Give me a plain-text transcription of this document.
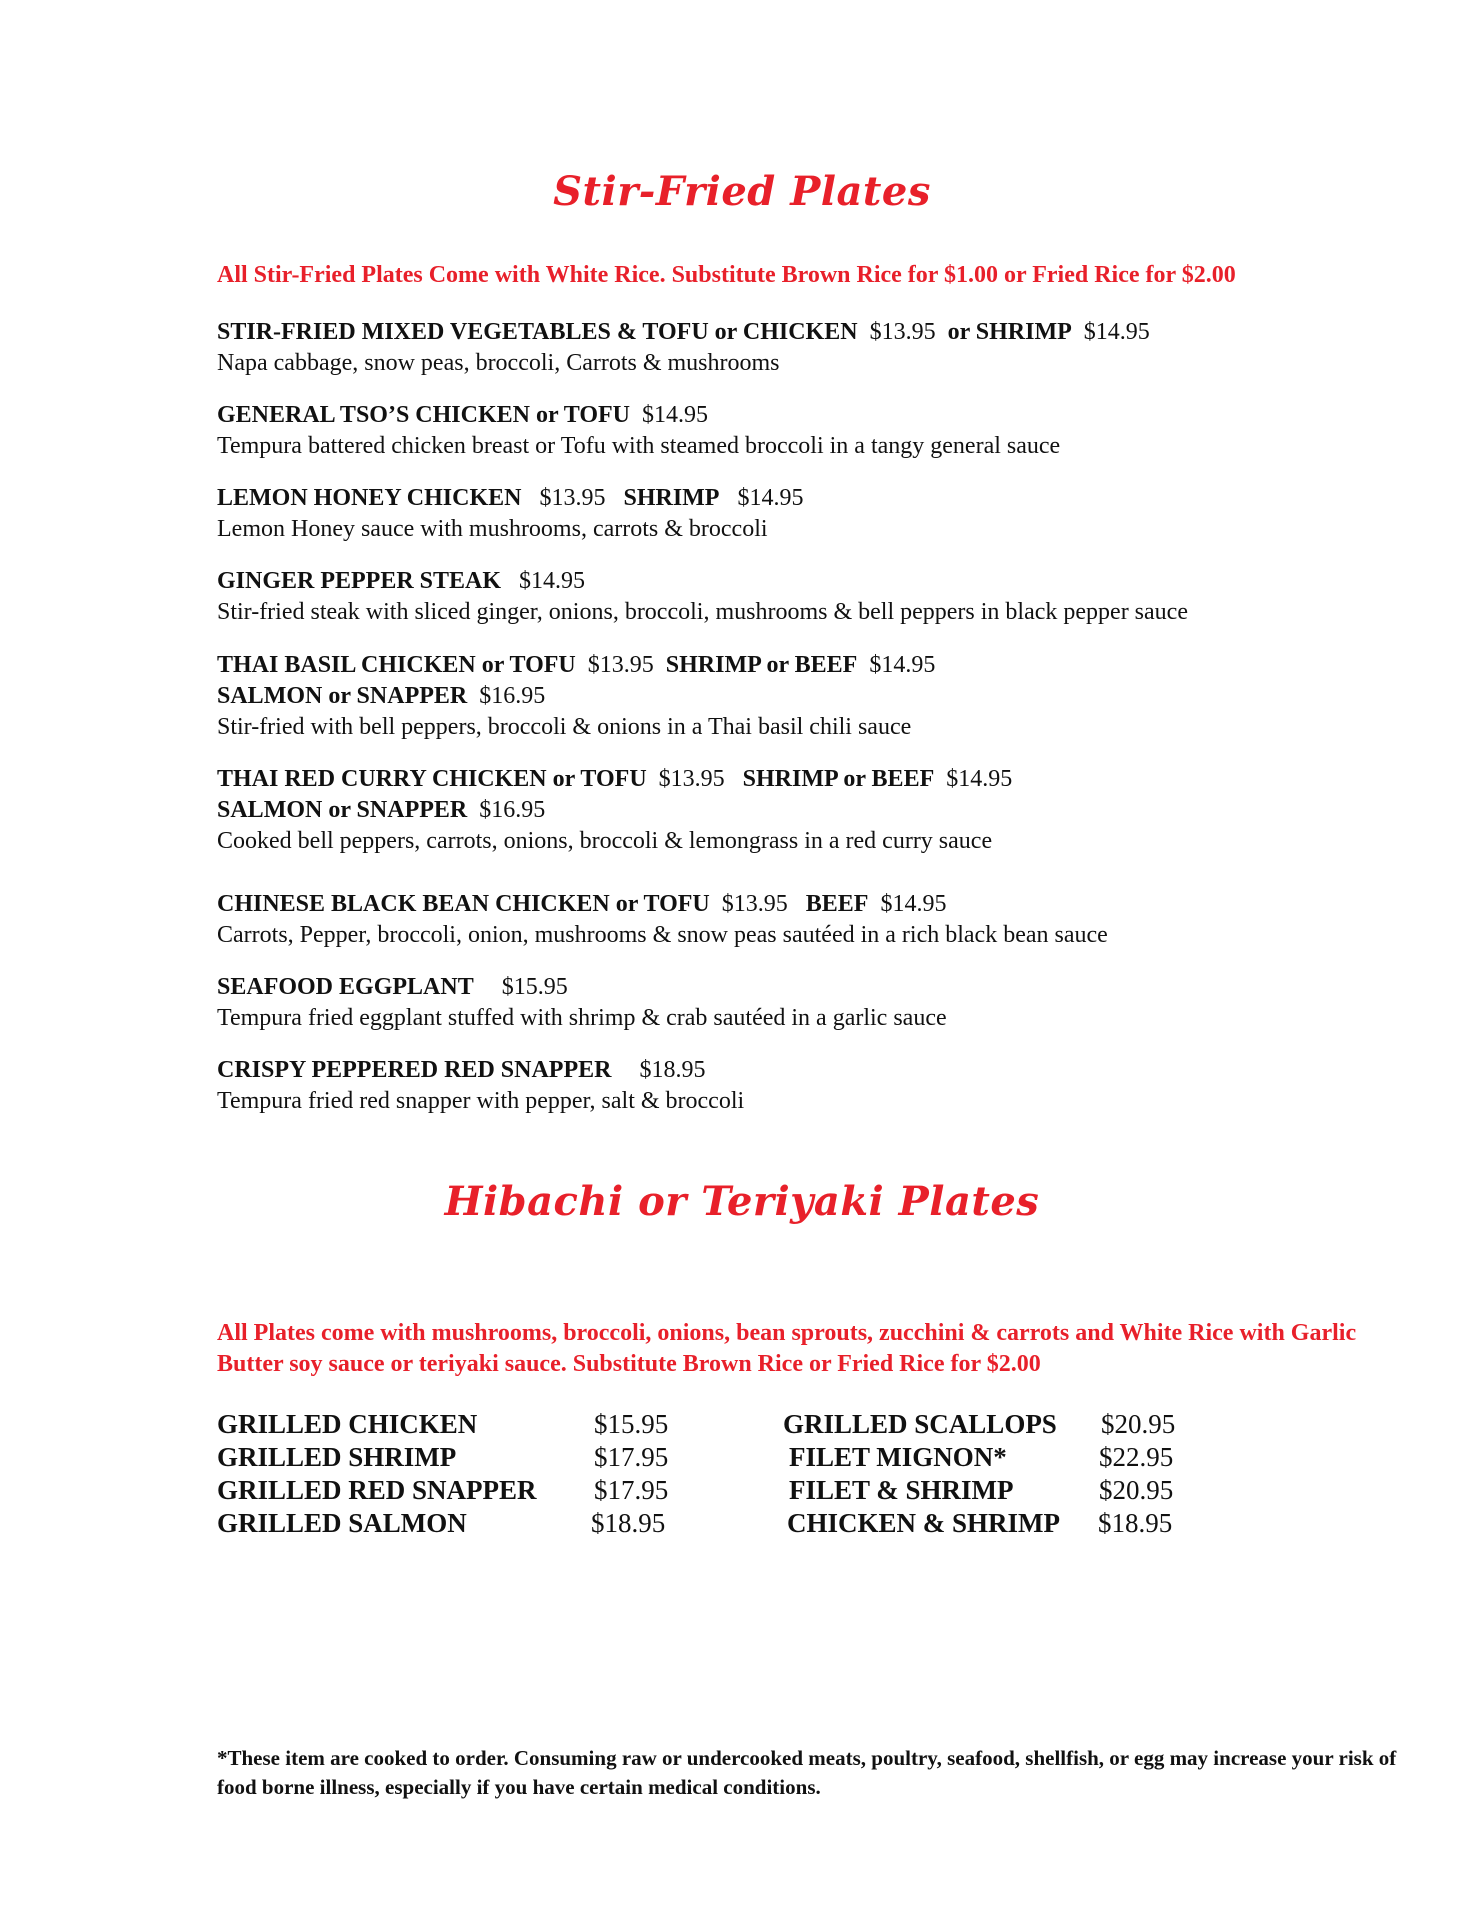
Stir-Fried Plates
All Stir-Fried Plates Come with White Rice. Substitute Brown Rice for $1.00 or Fried Rice for $2.00
STIR-FRIED MIXED VEGETABLES & TOFU or CHICKEN $13.95 or SHRIMP $14.95
Napa cabbage, snow peas, broccoli, Carrots & mushrooms
GENERAL TSO’S CHICKEN or TOFU $14.95
Tempura battered chicken breast or Tofu with steamed broccoli in a tangy general sauce
LEMON HONEY CHICKEN $13.95 SHRIMP $14.95
Lemon Honey sauce with mushrooms, carrots & broccoli
GINGER PEPPER STEAK $14.95
Stir-fried steak with sliced ginger, onions, broccoli, mushrooms & bell peppers in black pepper sauce
THAI BASIL CHICKEN or TOFU $13.95 SHRIMP or BEEF $14.95
SALMON or SNAPPER $16.95
Stir-fried with bell peppers, broccoli & onions in a Thai basil chili sauce
THAI RED CURRY CHICKEN or TOFU $13.95 SHRIMP or BEEF $14.95
SALMON or SNAPPER $16.95
Cooked bell peppers, carrots, onions, broccoli & lemongrass in a red curry sauce
CHINESE BLACK BEAN CHICKEN or TOFU $13.95 BEEF $14.95
Carrots, Pepper, broccoli, onion, mushrooms & snow peas sautéed in a rich black bean sauce
SEAFOOD EGGPLANT $15.95
Tempura fried eggplant stuffed with shrimp & crab sautéed in a garlic sauce
CRISPY PEPPERED RED SNAPPER $18.95
Tempura fried red snapper with pepper, salt & broccoli
Hibachi or Teriyaki Plates
All Plates come with mushrooms, broccoli, onions, bean sprouts, zucchini & carrots and White Rice with Garlic Butter soy sauce or teriyaki sauce. Substitute Brown Rice or Fried Rice for $2.00
GRILLED CHICKEN	$15.95
GRILLED SHRIMP	$17.95
GRILLED RED SNAPPER $17.95
GRILLED SALMON	$18.95
GRILLED SCALLOPS $20.95
FILET MIGNON*	$22.95
FILET & SHRIMP	$20.95
CHICKEN & SHRIMP $18.95
*These item are cooked to order. Consuming raw or undercooked meats, poultry, seafood, shellfish, or egg may increase your risk of food borne illness, especially if you have certain medical conditions.
